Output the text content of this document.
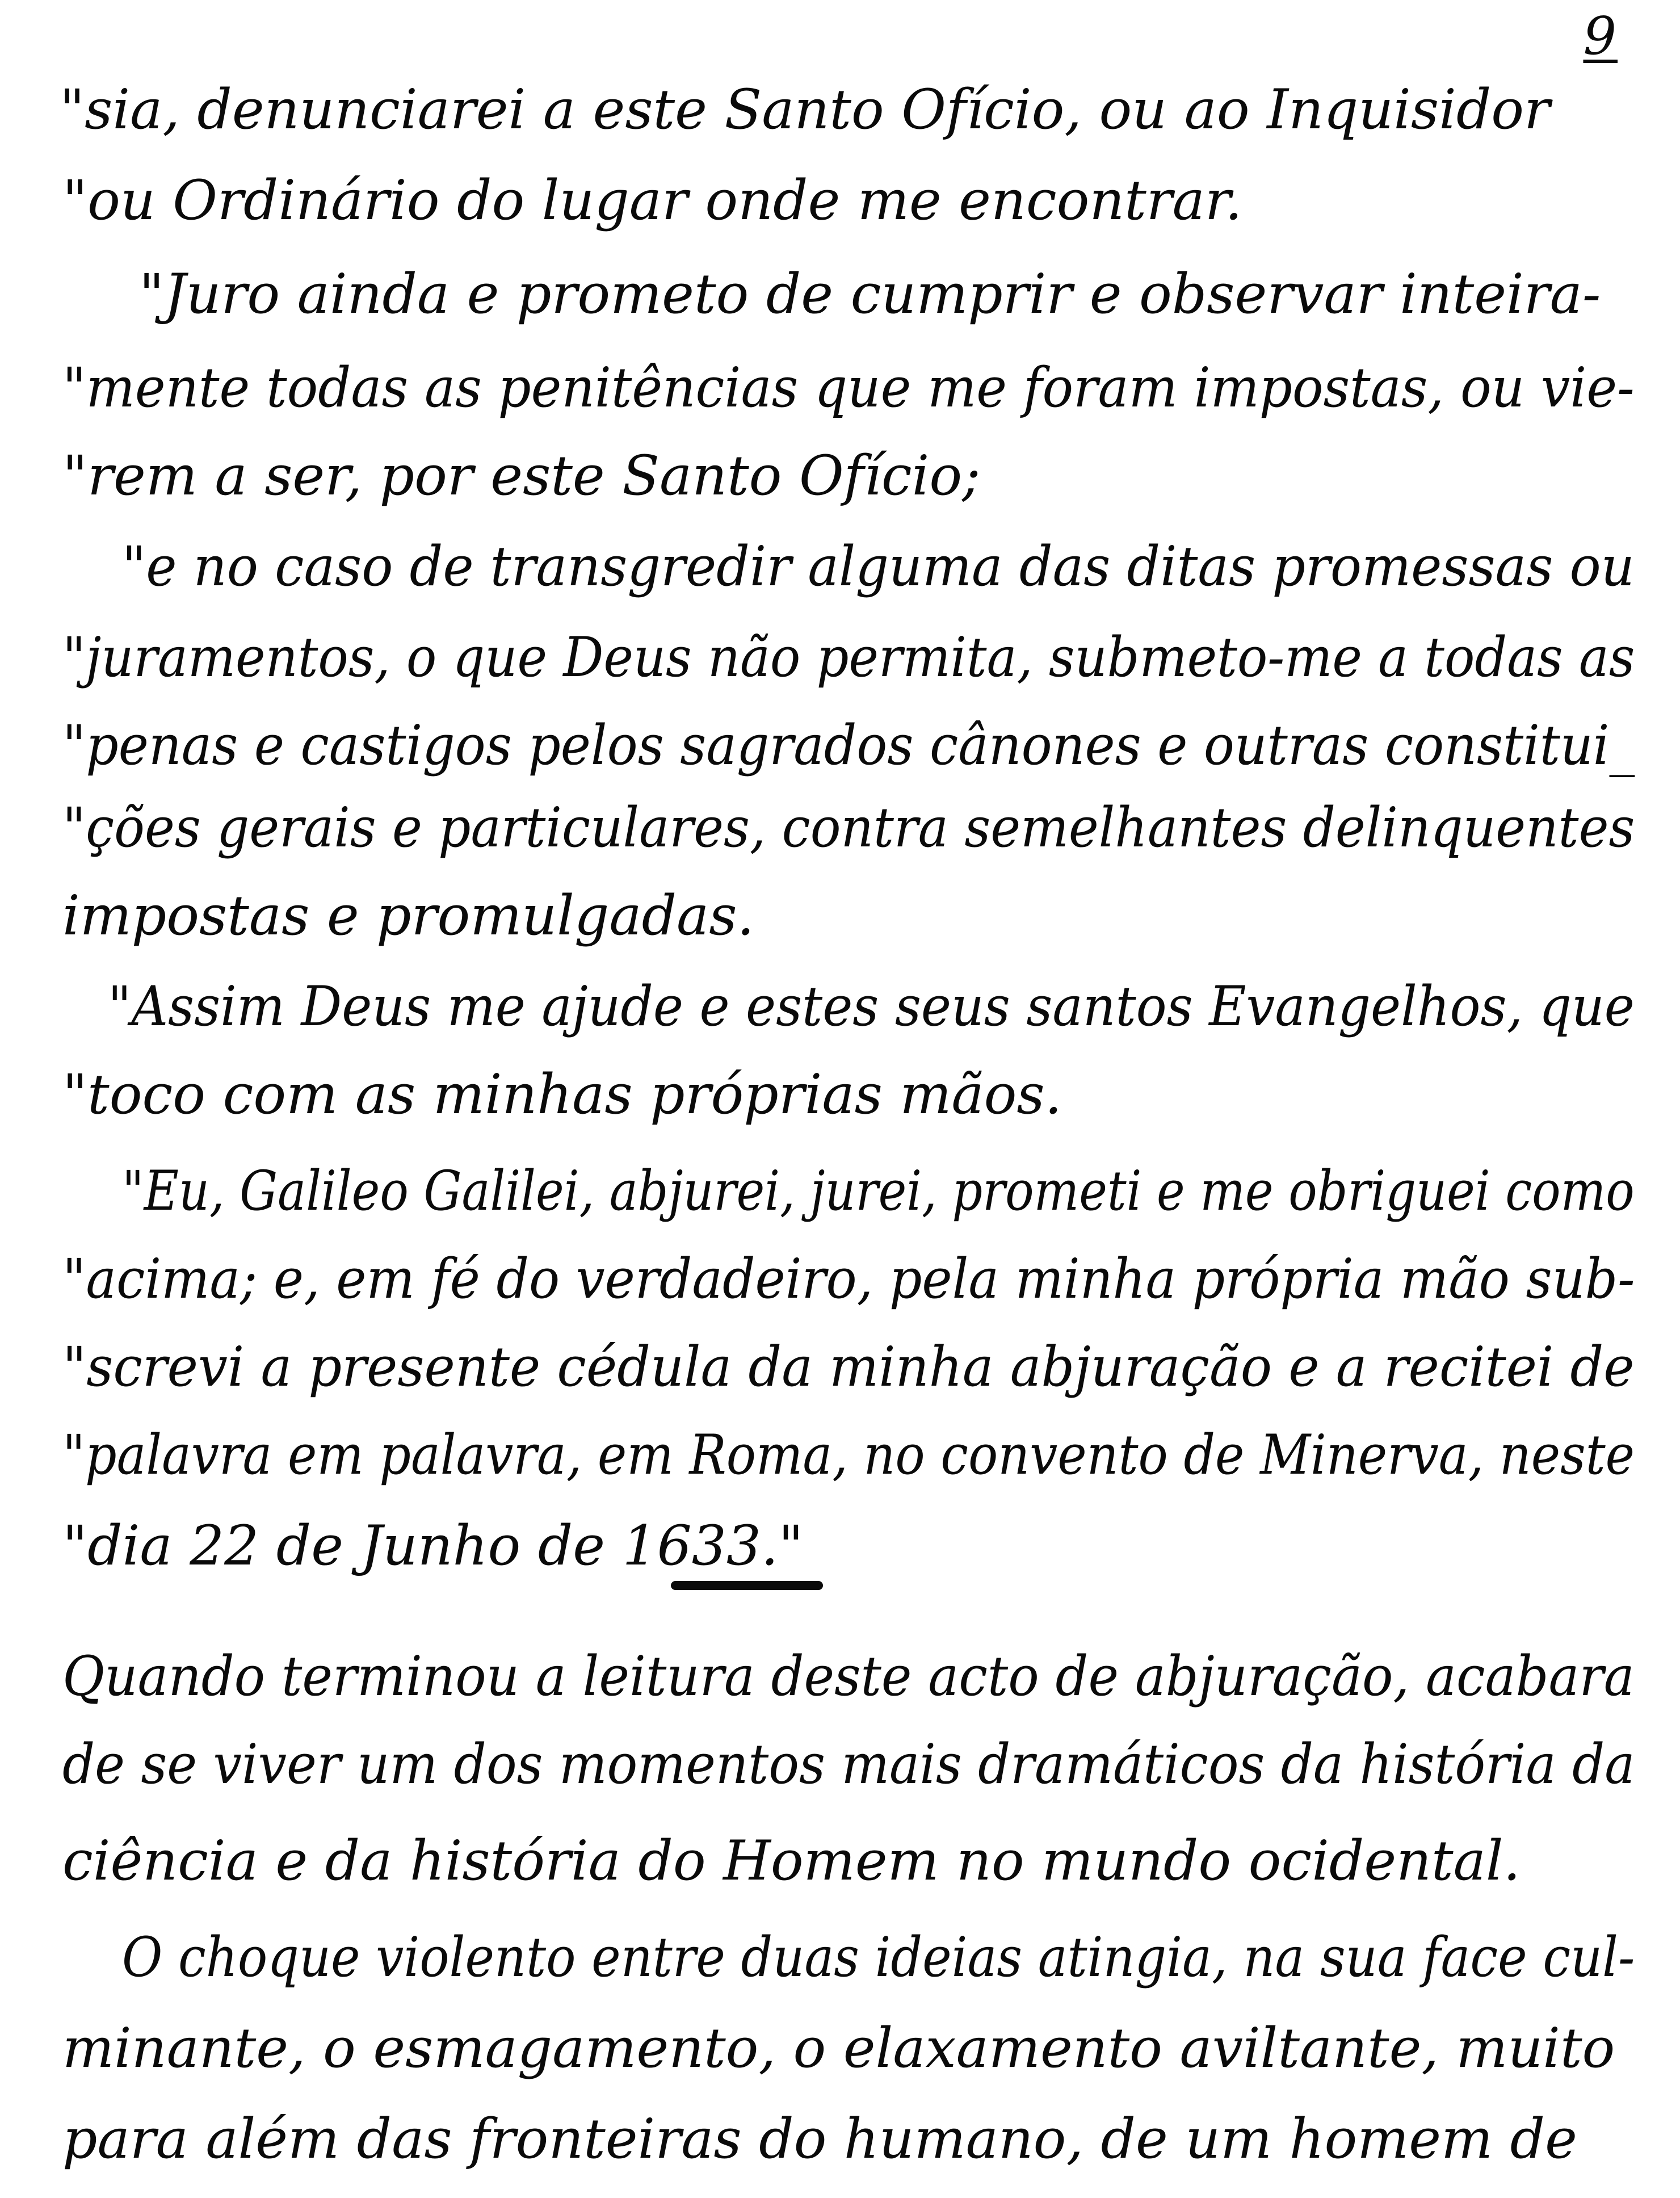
9
"sia, denunciarei a este Santo Ofício, ou ao Inquisidor
"ou Ordinário do lugar onde me encontrar.
"Juro ainda e prometo de cumprir e observar inteira-
"mente todas as penitências que me foram impostas, ou vie-
"rem a ser, por este Santo Ofício;
"e no caso de transgredir alguma das ditas promessas ou
"juramentos, o que Deus não permita, submeto-me a todas as
"penas e castigos pelos sagrados cânones e outras constitui_
"ções gerais e particulares, contra semelhantes delinquentes
impostas e promulgadas.
"Assim Deus me ajude e estes seus santos Evangelhos, que
"toco com as minhas próprias mãos.
"Eu, Galileo Galilei, abjurei, jurei, prometi e me obriguei como
"acima; e, em fé do verdadeiro, pela minha própria mão sub-
"screvi a presente cédula da minha abjuração e a recitei de
"palavra em palavra, em Roma, no convento de Minerva, neste
"dia 22 de Junho de 1633."
Quando terminou a leitura deste acto de abjuração, acabara
de se viver um dos momentos mais dramáticos da história da
ciência e da história do Homem no mundo ocidental.
O choque violento entre duas ideias atingia, na sua face cul-
minante, o esmagamento, o elaxamento aviltante, muito
para além das fronteiras do humano, de um homem de
